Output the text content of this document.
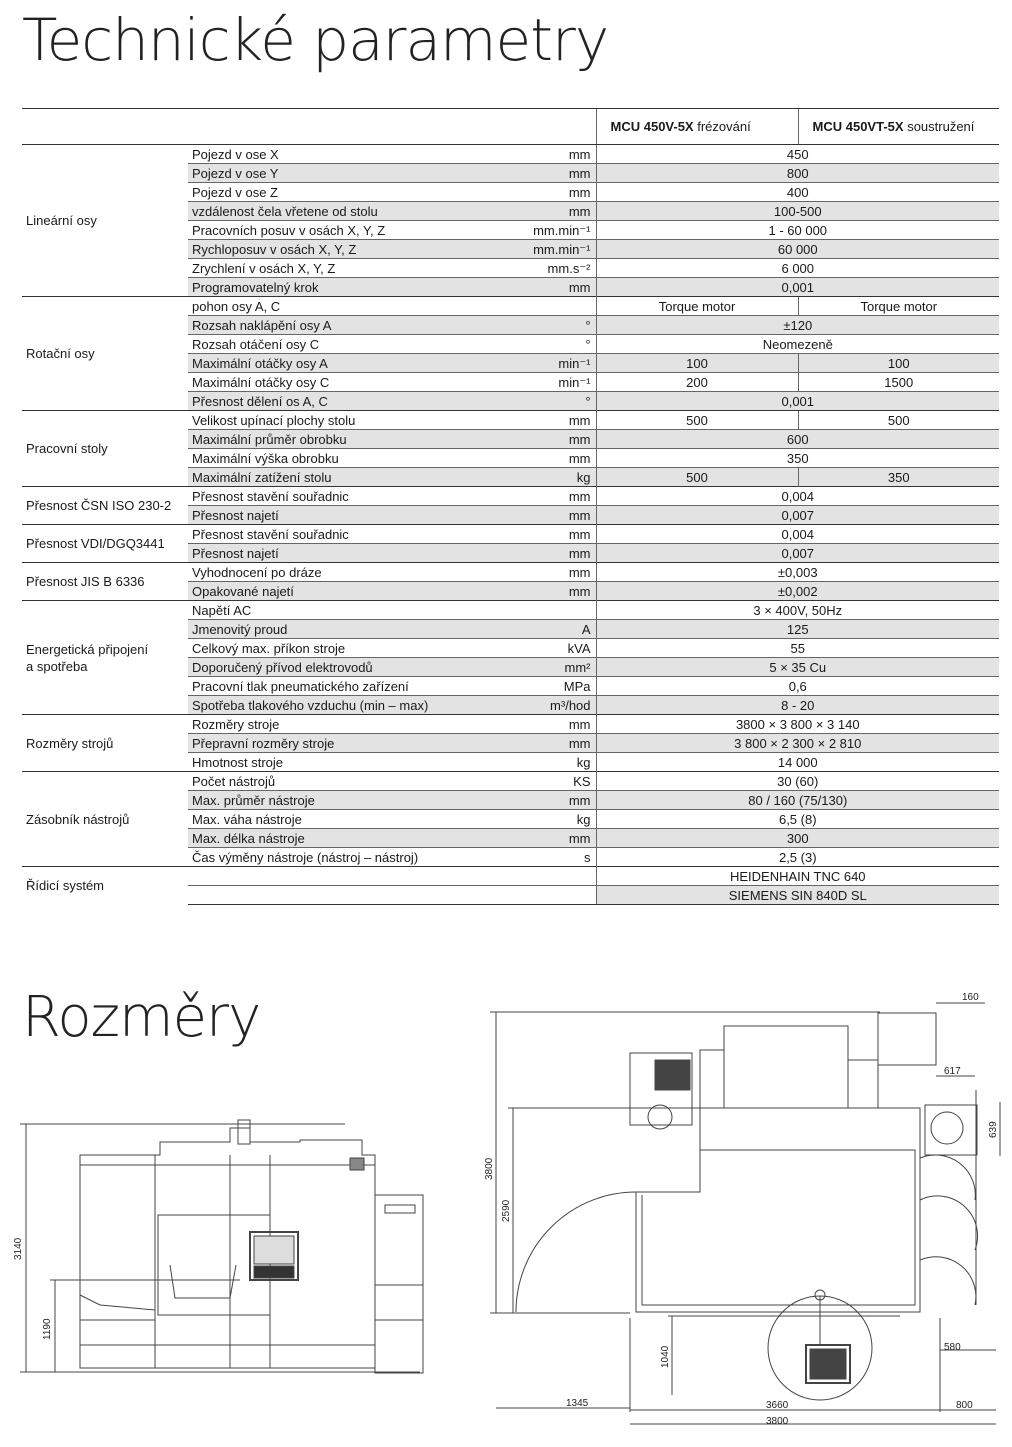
Technické parametry
			MCU 450V-5X frézování	MCU 450VT-5X soustružení

Lineární osy	Pojezd v ose X	mm	450	
	Pojezd v ose Y	mm	800	
	Pojezd v ose Z	mm	400	
	vzdálenost čela vřetene od stolu	mm	100-500	
	Pracovních posuv v osách X, Y, Z	mm.min⁻¹	1 - 60 000	
	Rychloposuv v osách X, Y, Z	mm.min⁻¹	60 000	
	Zrychlení v osách X, Y, Z	mm.s⁻²	6 000	
	Programovatelný krok	mm	0,001	

Rotační osy	pohon osy A, C		Torque motor	Torque motor
	Rozsah naklápění osy A	°	±120	
	Rozsah otáčení osy C	°	Neomezeně	
	Maximální otáčky osy A	min⁻¹	100	100
	Maximální otáčky osy C	min⁻¹	200	1500
	Přesnost dělení os A, C	°	0,001	

Pracovní stoly	Velikost upínací plochy stolu	mm	500	500
	Maximální průměr obrobku	mm	600	
	Maximální výška obrobku	mm	350	
	Maximální zatížení stolu	kg	500	350

Přesnost ČSN ISO 230-2	Přesnost stavění souřadnic	mm	0,004	
	Přesnost najetí	mm	0,007	

Přesnost VDI/DGQ3441	Přesnost stavění souřadnic	mm	0,004	
	Přesnost najetí	mm	0,007	

Přesnost JIS B 6336	Vyhodnocení po dráze	mm	±0,003	
	Opakované najetí	mm	±0,002	

Energetická připojení
a spotřeba	Napětí AC		3 × 400V, 50Hz	
	Jmenovitý proud	A	125	
	Celkový max. příkon stroje	kVA	55	
	Doporučený přívod elektrovodů	mm²	5 × 35 Cu	
	Pracovní tlak pneumatického zařízení	MPa	0,6	
	Spotřeba tlakového vzduchu (min – max)	m³/hod	8 - 20	

Rozměry strojů	Rozměry stroje	mm	3800 × 3 800 × 3 140	
	Přepravní rozměry stroje	mm	3 800 × 2 300 × 2 810	
	Hmotnost stroje	kg	14 000	

Zásobník nástrojů	Počet nástrojů	KS	30 (60)	
	Max. průměr nástroje	mm	80 / 160 (75/130)	
	Max. váha nástroje	kg	6,5 (8)	
	Max. délka nástroje	mm	300	
	Čas výměny nástroje (nástroj – nástroj)	s	2,5 (3)	

Řídicí systém			HEIDENHAIN TNC 640	
			SIEMENS SIN 840D SL	
Rozměry
3140
1190
160
617
639
3800
2590
1040	580
1345	3660	800
3800
